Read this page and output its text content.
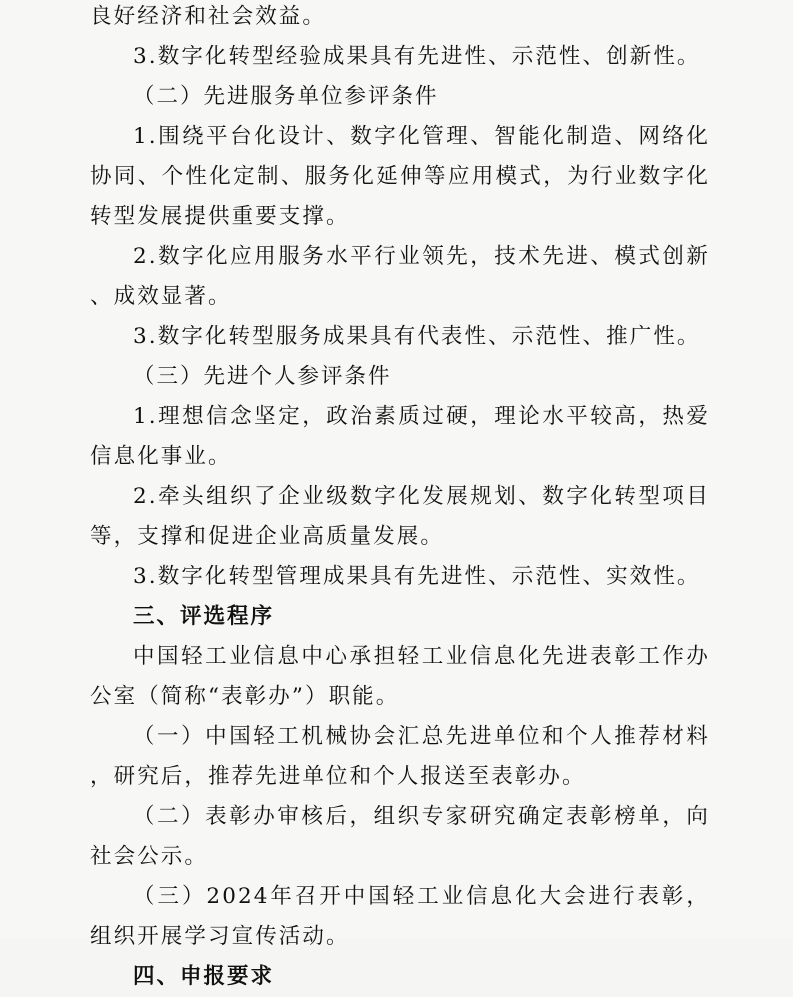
良好经济和社会效益。

3.数字化转型经验成果具有先进性、示范性、创新性。

（二）先进服务单位参评条件

1.围绕平台化设计、数字化管理、智能化制造、网络化协同、个性化定制、服务化延伸等应用模式，为行业数字化转型发展提供重要支撑。

2.数字化应用服务水平行业领先，技术先进、模式创新、成效显著。

3.数字化转型服务成果具有代表性、示范性、推广性。

（三）先进个人参评条件

1.理想信念坚定，政治素质过硬，理论水平较高，热爱信息化事业。

2.牵头组织了企业级数字化发展规划、数字化转型项目等，支撑和促进企业高质量发展。

3.数字化转型管理成果具有先进性、示范性、实效性。

三、评选程序

中国轻工业信息中心承担轻工业信息化先进表彰工作办公室（简称“表彰办”）职能。

（一）中国轻工机械协会汇总先进单位和个人推荐材料，研究后，推荐先进单位和个人报送至表彰办。

（二）表彰办审核后，组织专家研究确定表彰榜单，向社会公示。

（三）2024年召开中国轻工业信息化大会进行表彰，组织开展学习宣传活动。

四、申报要求
